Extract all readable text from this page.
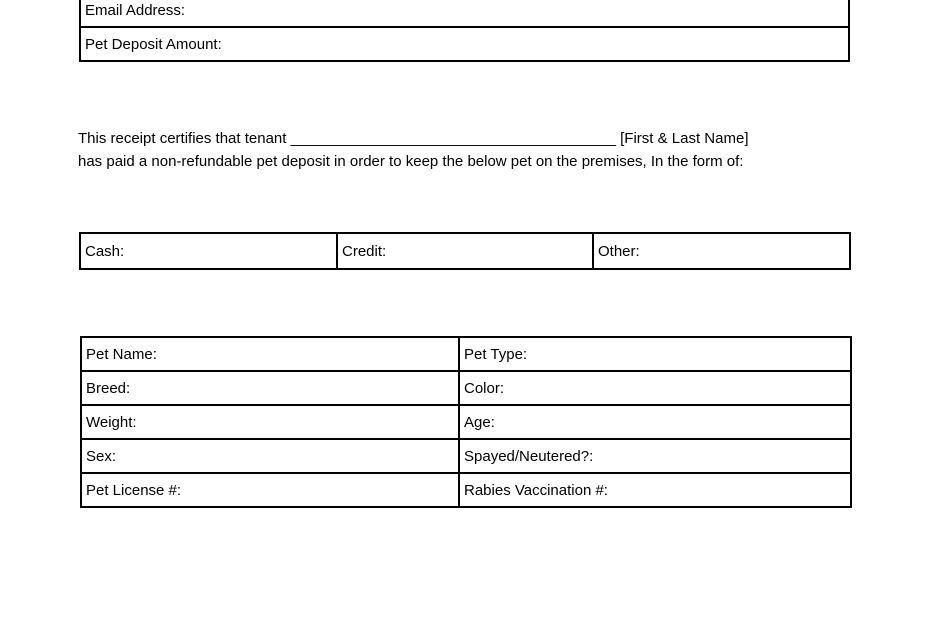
Email Address:
Pet Deposit Amount:

This receipt certifies that tenant _______________________________________ [First & Last Name]

has paid a non-refundable pet deposit in order to keep the below pet on the premises, In the form of:

Cash:	Credit:	Other:
Pet Name:	Pet Type:
Breed:	Color:
Weight:	Age:
Sex:	Spayed/Neutered?:
Pet License #:	Rabies Vaccination #:
